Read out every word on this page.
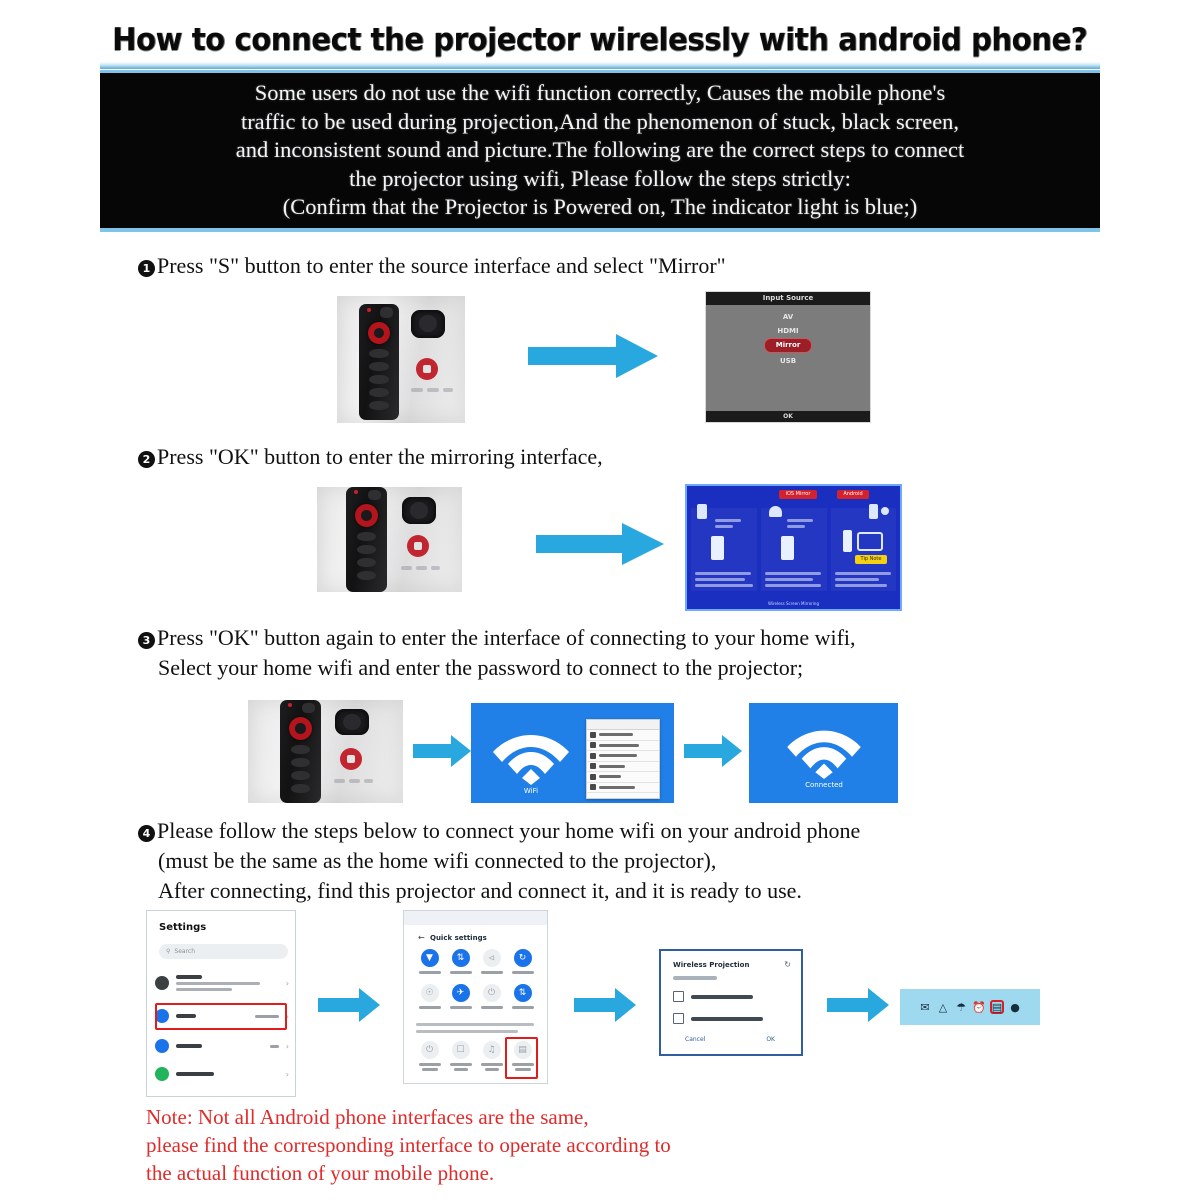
How to connect the projector wirelessly with android phone?

Some users do not use the wifi function correctly, Causes the mobile phone's

traffic to be used during projection,And the phenomenon of stuck, black screen,

and inconsistent sound and picture.The following are the correct steps to connect

the projector using wifi, Please follow the steps strictly:

(Confirm that the Projector is Powered on, The indicator light is blue;)

1 Press "S" button to enter the source interface and select "Mirror"
Input Source
AV
HDMI
Mirror
USB
OK
2 Press "OK" button to enter the mirroring interface,
iOS Mirror	Android
Tip Note
Wireless Screen Mirroring
3 Press "OK" button again to enter the interface of connecting to your home wifi,
Select your home wifi and enter the password to connect to the projector;
WiFi
Connected
4 Please follow the steps below to connect your home wifi on your android phone
(must be the same as the home wifi connected to the projector),
After connecting, find this projector and connect it, and it is ready to use.
Settings
⚲ Search
›
›
›
›
Quick settings
←
▼	⇅	⏿	↻
☉	✈	⏻	⇅
⏻	☐	♫	▤
Wireless Projection	↻
Cancel	OK
✉ △ ☂ ⏰ ▤ ●
Note: Not all Android phone interfaces are the same,
please find the corresponding interface to operate according to
the actual function of your mobile phone.
